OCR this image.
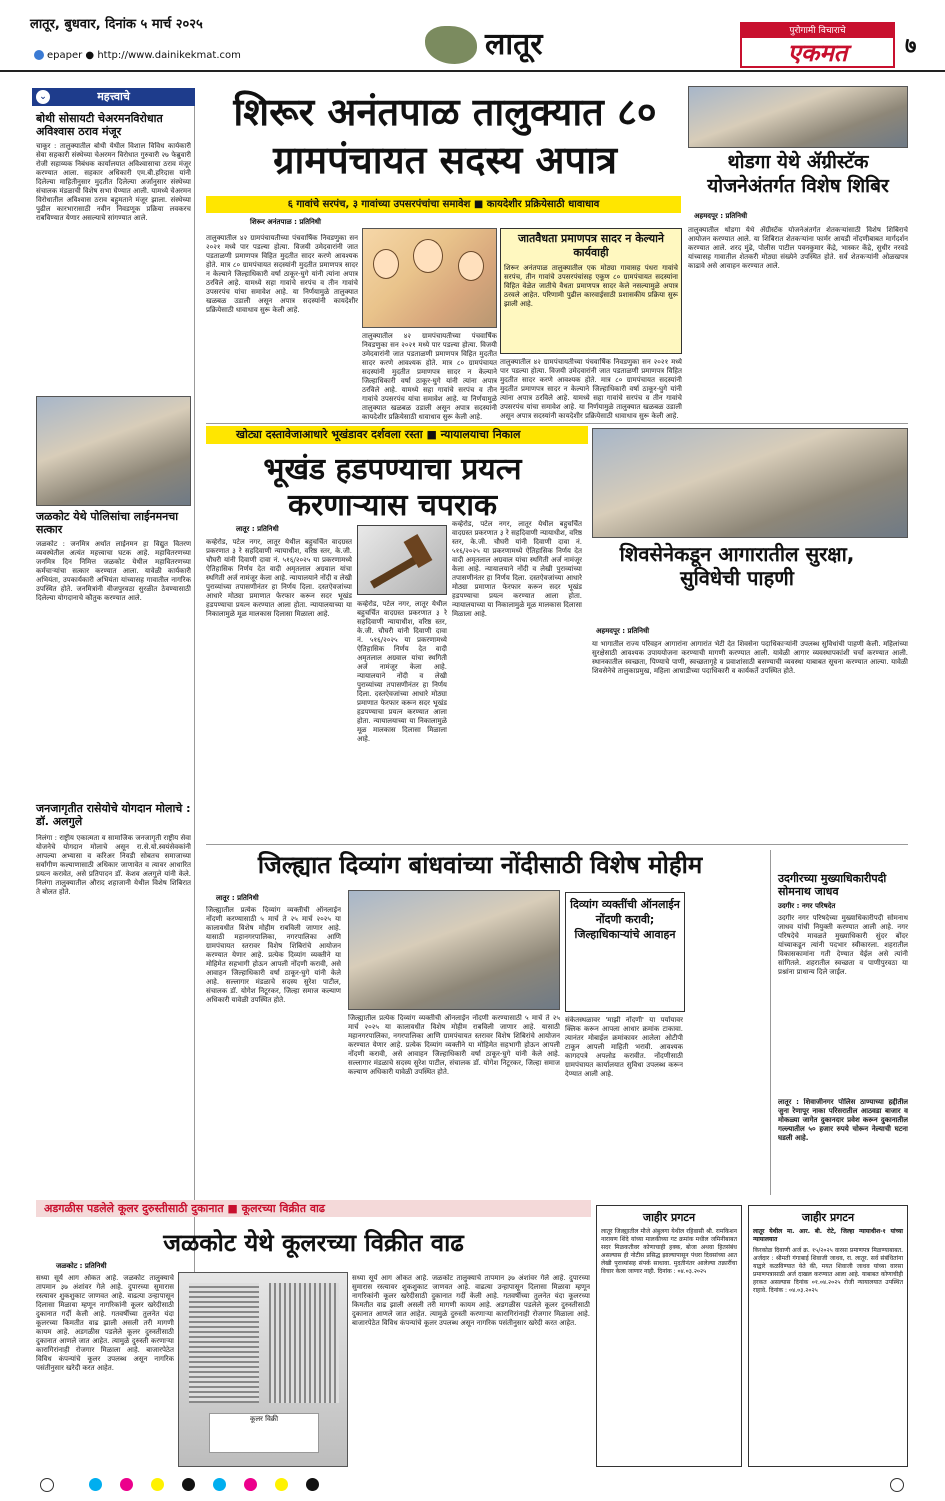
लातूर, बुधवार, दिनांक ५ मार्च २०२५
epaper ● http://www.dainikekmat.com	लातूर	पुरोगामी विचाराचे
एकमत	७
⌄	महत्त्वाचे
बोथी सोसायटी चेअरमनविरोधात अविश्वास ठराव मंजूर
चाकूर : तालुक्यातील बोथी येथील विशाल विविध कार्यकारी सेवा सहकारी संस्थेच्या चेअरमन विरोधात गुरुवारी २७ फेब्रुवारी रोजी सहाय्यक निबंधक कार्यालयात अविश्वासाचा ठराव मंजूर करण्यात आला. सहकार अधिकारी एम.बी.हरिदास यांनी दिलेल्या माहितीनुसार मुदतीत दिलेल्या अर्जानुसार संस्थेच्या संचालक मंडळाची विशेष सभा घेण्यात आली. यामध्ये चेअरमन विरोधातील अविश्वास ठराव बहुमताने मंजूर झाला. संस्थेच्या पुढील कारभारासाठी नवीन निवडणूक प्रक्रिया लवकरच राबविण्यात येणार असल्याचे सांगण्यात आले.
जळकोट येथे पोलिसांचा लाईनमनचा सत्कार
जळकोट : जनमित्र अर्थात लाईनमन हा विद्युत वितरण व्यवस्थेतील अत्यंत महत्त्वाचा घटक आहे. महावितरणच्या जनमित्र दिन निमित्त जळकोट येथील महावितरणच्या कर्मचाऱ्यांचा सत्कार करण्यात आला. यावेळी कार्यकारी अभियंता, उपकार्यकारी अभियंता यांच्यासह गावातील नागरिक उपस्थित होते. जनमित्रांनी वीजपुरवठा सुरळीत ठेवण्यासाठी दिलेल्या योगदानाचे कौतुक करण्यात आले.
जनजागृतीत रासेयोचे योगदान मोलाचे : डॉ. अलगुले
निलंगा : राष्ट्रीय एकात्मता व सामाजिक जनजागृती राष्ट्रीय सेवा योजनेचे योगदान मोलाचे असून रा.से.यो.स्वयंसेवकांनी आपल्या अभ्यासा व करिअर निवडी सोबतच समाजाच्या सर्वांगीण कल्याणासाठी अधिकार जाणावेत व त्यावर आधारित प्रयत्न करावेत, असे प्रतिपादन डॉ. केशव अलगुले यांनी केले. निलंगा तालुक्यातील औराद शहाजानी येथील विशेष शिबिरात ते बोलत होते.
शिरूर अनंतपाळ तालुक्यात ८० ग्रामपंचायत सदस्य अपात्र
६ गावांचे सरपंच, ३ गावांच्या उपसरपंचांचा समावेश ■ कायदेशीर प्रक्रियेसाठी धावाधाव
शिरूर अनंतपाळ : प्रतिनिधी
तालुक्यातील ४२ ग्रामपंचायतीच्या पंचवार्षिक निवडणुका सन २०२१ मध्ये पार पडल्या होत्या. विजयी उमेदवारांनी जात पडताळणी प्रमाणपत्र विहित मुदतीत सादर करणे आवश्यक होते. मात्र ८० ग्रामपंचायत सदस्यांनी मुदतीत प्रमाणपत्र सादर न केल्याने जिल्हाधिकारी वर्षा ठाकूर-घुगे यांनी त्यांना अपात्र ठरविले आहे. यामध्ये सहा गावांचे सरपंच व तीन गावांचे उपसरपंच यांचा समावेश आहे. या निर्णयामुळे तालुक्यात खळबळ उडाली असून अपात्र सदस्यांनी कायदेशीर प्रक्रियेसाठी धावाधाव सुरू केली आहे.
तालुक्यातील ४२ ग्रामपंचायतीच्या पंचवार्षिक निवडणुका सन २०२१ मध्ये पार पडल्या होत्या. विजयी उमेदवारांनी जात पडताळणी प्रमाणपत्र विहित मुदतीत सादर करणे आवश्यक होते. मात्र ८० ग्रामपंचायत सदस्यांनी मुदतीत प्रमाणपत्र सादर न केल्याने जिल्हाधिकारी वर्षा ठाकूर-घुगे यांनी त्यांना अपात्र ठरविले आहे. यामध्ये सहा गावांचे सरपंच व तीन गावांचे उपसरपंच यांचा समावेश आहे. या निर्णयामुळे तालुक्यात खळबळ उडाली असून अपात्र सदस्यांनी कायदेशीर प्रक्रियेसाठी धावाधाव सुरू केली आहे.
जातवैधता प्रमाणपत्र सादर न केल्याने कार्यवाही
शिरूर अनंतपाळ तालुक्यातील एक मोठ्या गावासह पंधरा गावांचे सरपंच, तीन गावांचे उपसरपंचांसह एकूण ८० ग्रामपंचायत सदस्यांना विहित वेळेत जातीचे वैधता प्रमाणपत्र सादर केले नसल्यामुळे अपात्र ठरवले आहेत. परिणामी पुढील कारवाईसाठी प्रशासकीय प्रक्रिया सुरू झाली आहे.
तालुक्यातील ४२ ग्रामपंचायतीच्या पंचवार्षिक निवडणुका सन २०२१ मध्ये पार पडल्या होत्या. विजयी उमेदवारांनी जात पडताळणी प्रमाणपत्र विहित मुदतीत सादर करणे आवश्यक होते. मात्र ८० ग्रामपंचायत सदस्यांनी मुदतीत प्रमाणपत्र सादर न केल्याने जिल्हाधिकारी वर्षा ठाकूर-घुगे यांनी त्यांना अपात्र ठरविले आहे. यामध्ये सहा गावांचे सरपंच व तीन गावांचे उपसरपंच यांचा समावेश आहे. या निर्णयामुळे तालुक्यात खळबळ उडाली असून अपात्र सदस्यांनी कायदेशीर प्रक्रियेसाठी धावाधाव सुरू केली आहे.
थोडगा येथे ॲग्रीस्टॅक योजनेअंतर्गत विशेष शिबिर
अहमदपूर : प्रतिनिधी
तालुक्यातील थोडगा येथे ॲग्रीस्टॅक योजनेअंतर्गत शेतकऱ्यांसाठी विशेष शिबिराचे आयोजन करण्यात आले. या शिबिरात शेतकऱ्यांना फार्मर आयडी नोंदणीबाबत मार्गदर्शन करण्यात आले. शरद मुंढे, पोलीस पाटील पवनकुमार केंद्रे, भास्कर केंद्रे, सुधीर नरवडे यांच्यासह गावातील शेतकरी मोठ्या संख्येने उपस्थित होते. सर्व शेतकऱ्यांनी ओळखपत्र काढावे असे आवाहन करण्यात आले.
खोट्या दस्तावेजाआधारे भूखंडावर दर्शवला रस्ता ■ न्यायालयाचा निकाल
भूखंड हडपण्याचा प्रयत्न करणाऱ्यास चपराक
लातूर : प्रतिनिधी
कव्हेरोड, पटेल नगर, लातूर येथील बहुचर्चित वादग्रस्त प्रकरणात ३ रे सहदिवाणी न्यायाधीश, वरिष्ठ स्तर, के.जी. चौघरी यांनी दिवाणी दावा नं. ५१६/२०२५ या प्रकरणामध्ये ऐतिहासिक निर्णय देत वादी अमृतलाल अग्रवाल यांचा स्थगिती अर्ज नामंजूर केला आहे. न्यायालयाने नोंदी व लेखी पुराव्यांच्या तपासणीनंतर हा निर्णय दिला. दस्तऐवजांच्या आधारे मोठ्या प्रमाणात फेरफार करून सदर भूखंड हडपण्याचा प्रयत्न करण्यात आला होता. न्यायालयाच्या या निकालामुळे मूळ मालकास दिलासा मिळाला आहे.
कव्हेरोड, पटेल नगर, लातूर येथील बहुचर्चित वादग्रस्त प्रकरणात ३ रे सहदिवाणी न्यायाधीश, वरिष्ठ स्तर, के.जी. चौघरी यांनी दिवाणी दावा नं. ५१६/२०२५ या प्रकरणामध्ये ऐतिहासिक निर्णय देत वादी अमृतलाल अग्रवाल यांचा स्थगिती अर्ज नामंजूर केला आहे. न्यायालयाने नोंदी व लेखी पुराव्यांच्या तपासणीनंतर हा निर्णय दिला. दस्तऐवजांच्या आधारे मोठ्या प्रमाणात फेरफार करून सदर भूखंड हडपण्याचा प्रयत्न करण्यात आला होता. न्यायालयाच्या या निकालामुळे मूळ मालकास दिलासा मिळाला आहे.
कव्हेरोड, पटेल नगर, लातूर येथील बहुचर्चित वादग्रस्त प्रकरणात ३ रे सहदिवाणी न्यायाधीश, वरिष्ठ स्तर, के.जी. चौघरी यांनी दिवाणी दावा नं. ५१६/२०२५ या प्रकरणामध्ये ऐतिहासिक निर्णय देत वादी अमृतलाल अग्रवाल यांचा स्थगिती अर्ज नामंजूर केला आहे. न्यायालयाने नोंदी व लेखी पुराव्यांच्या तपासणीनंतर हा निर्णय दिला. दस्तऐवजांच्या आधारे मोठ्या प्रमाणात फेरफार करून सदर भूखंड हडपण्याचा प्रयत्न करण्यात आला होता. न्यायालयाच्या या निकालामुळे मूळ मालकास दिलासा मिळाला आहे.
शिवसेनेकडून आगारातील सुरक्षा, सुविधेची पाहणी
अहमदपूर : प्रतिनिधी
या भागातील राज्य परिवहन आगारांना आगारांत भेटी देत शिवसेना पदाधिकाऱ्यांनी उपलब्ध सुविधांची पाहणी केली. महिलांच्या सुरक्षेसाठी आवश्यक उपाययोजना करण्याची मागणी करण्यात आली. यावेळी आगार व्यवस्थापकांशी चर्चा करण्यात आली. स्थानकातील स्वच्छता, पिण्याचे पाणी, स्वच्छतागृहे व प्रवाशांसाठी बसण्याची व्यवस्था याबाबत सूचना करण्यात आल्या. यावेळी शिवसेनेचे तालुकाप्रमुख, महिला आघाडीच्या पदाधिकारी व कार्यकर्ते उपस्थित होते.
जिल्ह्यात दिव्यांग बांधवांच्या नोंदीसाठी विशेष मोहीम
लातूर : प्रतिनिधी
जिल्ह्यातील प्रत्येक दिव्यांग व्यक्तीची ऑनलाईन नोंदणी करण्यासाठी ५ मार्च ते २५ मार्च २०२५ या कालावधीत विशेष मोहीम राबविली जाणार आहे. यासाठी महानगरपालिका, नगरपालिका आणि ग्रामपंचायत स्तरावर विशेष शिबिरांचे आयोजन करण्यात येणार आहे. प्रत्येक दिव्यांग व्यक्तीने या मोहिमेत सहभागी होऊन आपली नोंदणी करावी, असे आवाहन जिल्हाधिकारी वर्षा ठाकूर-घुगे यांनी केले आहे. सल्लागार मंडळाचे सदस्य सुरेश पाटील, संचालक डॉ. योगेश निटूरकर, जिल्हा समाज कल्याण अधिकारी यावेळी उपस्थित होते.
जिल्ह्यातील प्रत्येक दिव्यांग व्यक्तीची ऑनलाईन नोंदणी करण्यासाठी ५ मार्च ते २५ मार्च २०२५ या कालावधीत विशेष मोहीम राबविली जाणार आहे. यासाठी महानगरपालिका, नगरपालिका आणि ग्रामपंचायत स्तरावर विशेष शिबिरांचे आयोजन करण्यात येणार आहे. प्रत्येक दिव्यांग व्यक्तीने या मोहिमेत सहभागी होऊन आपली नोंदणी करावी, असे आवाहन जिल्हाधिकारी वर्षा ठाकूर-घुगे यांनी केले आहे. सल्लागार मंडळाचे सदस्य सुरेश पाटील, संचालक डॉ. योगेश निटूरकर, जिल्हा समाज कल्याण अधिकारी यावेळी उपस्थित होते.
दिव्यांग व्यक्तींची ऑनलाईन नोंदणी करावी; जिल्हाधिकाऱ्यांचे आवाहन
संकेतस्थळावर 'माझी नोंदणी' या पर्यायावर क्लिक करून आपला आधार क्रमांक टाकावा. त्यानंतर मोबाईल क्रमांकावर आलेला ओटीपी टाकून आपली माहिती भरावी. आवश्यक कागदपत्रे अपलोड करावीत. नोंदणीसाठी ग्रामपंचायत कार्यालयात सुविधा उपलब्ध करून देण्यात आली आहे.
उदगीरच्या मुख्याधिकारीपदी सोमनाथ जाधव
उदगीर : नगर परिषदेत
उदगीर नगर परिषदेच्या मुख्याधिकारीपदी सोमनाथ जाधव यांची नियुक्ती करण्यात आली आहे. नगर परिषदेचे मावळते मुख्याधिकारी सुंदर बोंदर यांच्याकडून त्यांनी पदभार स्वीकारला. शहरातील विकासकामांना गती देण्यात येईल असे त्यांनी सांगितले. शहरातील स्वच्छता व पाणीपुरवठा या प्रश्नांना प्राधान्य दिले जाईल.
लातूर : शिवाजीनगर पोलिस ठाण्याच्या हद्दीतील जुना रेणापूर नाका परिसरातील आठवडा बाजार व मोकळ्या जागेत दुकानदार प्रवेश करून दुकानातील गल्ल्यातील ५० हजार रुपये चोरून नेल्याची घटना घडली आहे.
जाहीर प्रगटन
लातूर जिल्ह्यातील मौजे अंबुलगा येथील रहिवासी श्री. रामकिशन नारायण शिंदे यांच्या मालकीच्या गट क्रमांक मधील जमिनीबाबत सदर मिळकतीवर कोणाचाही हक्क, बोजा अथवा हितसंबंध असल्यास ही नोटीस प्रसिद्ध झाल्यापासून पंधरा दिवसांच्या आत लेखी पुराव्यांसह संपर्क साधावा. मुदतीनंतर आलेल्या तक्रारींचा विचार केला जाणार नाही. दिनांक : ०४.०३.२०२५
जाहीर प्रगटन
लातूर येथील मा. आर. बी. रोटे, जिल्हा न्यायाधीश-१ यांच्या न्यायालयात
किरकोळ दिवाणी अर्ज क्र. १५/२०२५ वारसा प्रमाणपत्र मिळण्याबाबत. अर्जदार : श्रीमती गंगाबाई शिवाजी जाधव, रा. लातूर. सर्व संबंधितांना याद्वारे कळविण्यात येते की, मयत शिवाजी जाधव यांच्या वारसा प्रमाणपत्रासाठी अर्ज दाखल करण्यात आला आहे. याबाबत कोणाचीही हरकत असल्यास दिनांक ०१.०४.२०२५ रोजी न्यायालयात उपस्थित राहावे. दिनांक : ०४.०३.२०२५
अडगळीस पडलेले कूलर दुरुस्तीसाठी दुकानात ■ कूलरच्या विक्रीत वाढ
जळकोट येथे कूलरच्या विक्रीत वाढ
जळकोट : प्रतिनिधी
सध्या सूर्य आग ओकत आहे. जळकोट तालुक्याचे तापमान ३७ अंशांवर गेले आहे. दुपारच्या सुमारास रस्त्यावर शुकशुकाट जाणवत आहे. वाढत्या उन्हापासून दिलासा मिळावा म्हणून नागरिकांनी कूलर खरेदीसाठी दुकानात गर्दी केली आहे. गतवर्षीच्या तुलनेत यंदा कूलरच्या किमतीत वाढ झाली असली तरी मागणी कायम आहे. अडगळीस पडलेले कूलर दुरुस्तीसाठी दुकानात आणले जात आहेत. त्यामुळे दुरुस्ती करणाऱ्या कारागिरांनाही रोजगार मिळाला आहे. बाजारपेठेत विविध कंपन्यांचे कूलर उपलब्ध असून नागरिक पसंतीनुसार खरेदी करत आहेत.
कूलर विक्री
सध्या सूर्य आग ओकत आहे. जळकोट तालुक्याचे तापमान ३७ अंशांवर गेले आहे. दुपारच्या सुमारास रस्त्यावर शुकशुकाट जाणवत आहे. वाढत्या उन्हापासून दिलासा मिळावा म्हणून नागरिकांनी कूलर खरेदीसाठी दुकानात गर्दी केली आहे. गतवर्षीच्या तुलनेत यंदा कूलरच्या किमतीत वाढ झाली असली तरी मागणी कायम आहे. अडगळीस पडलेले कूलर दुरुस्तीसाठी दुकानात आणले जात आहेत. त्यामुळे दुरुस्ती करणाऱ्या कारागिरांनाही रोजगार मिळाला आहे. बाजारपेठेत विविध कंपन्यांचे कूलर उपलब्ध असून नागरिक पसंतीनुसार खरेदी करत आहेत.
